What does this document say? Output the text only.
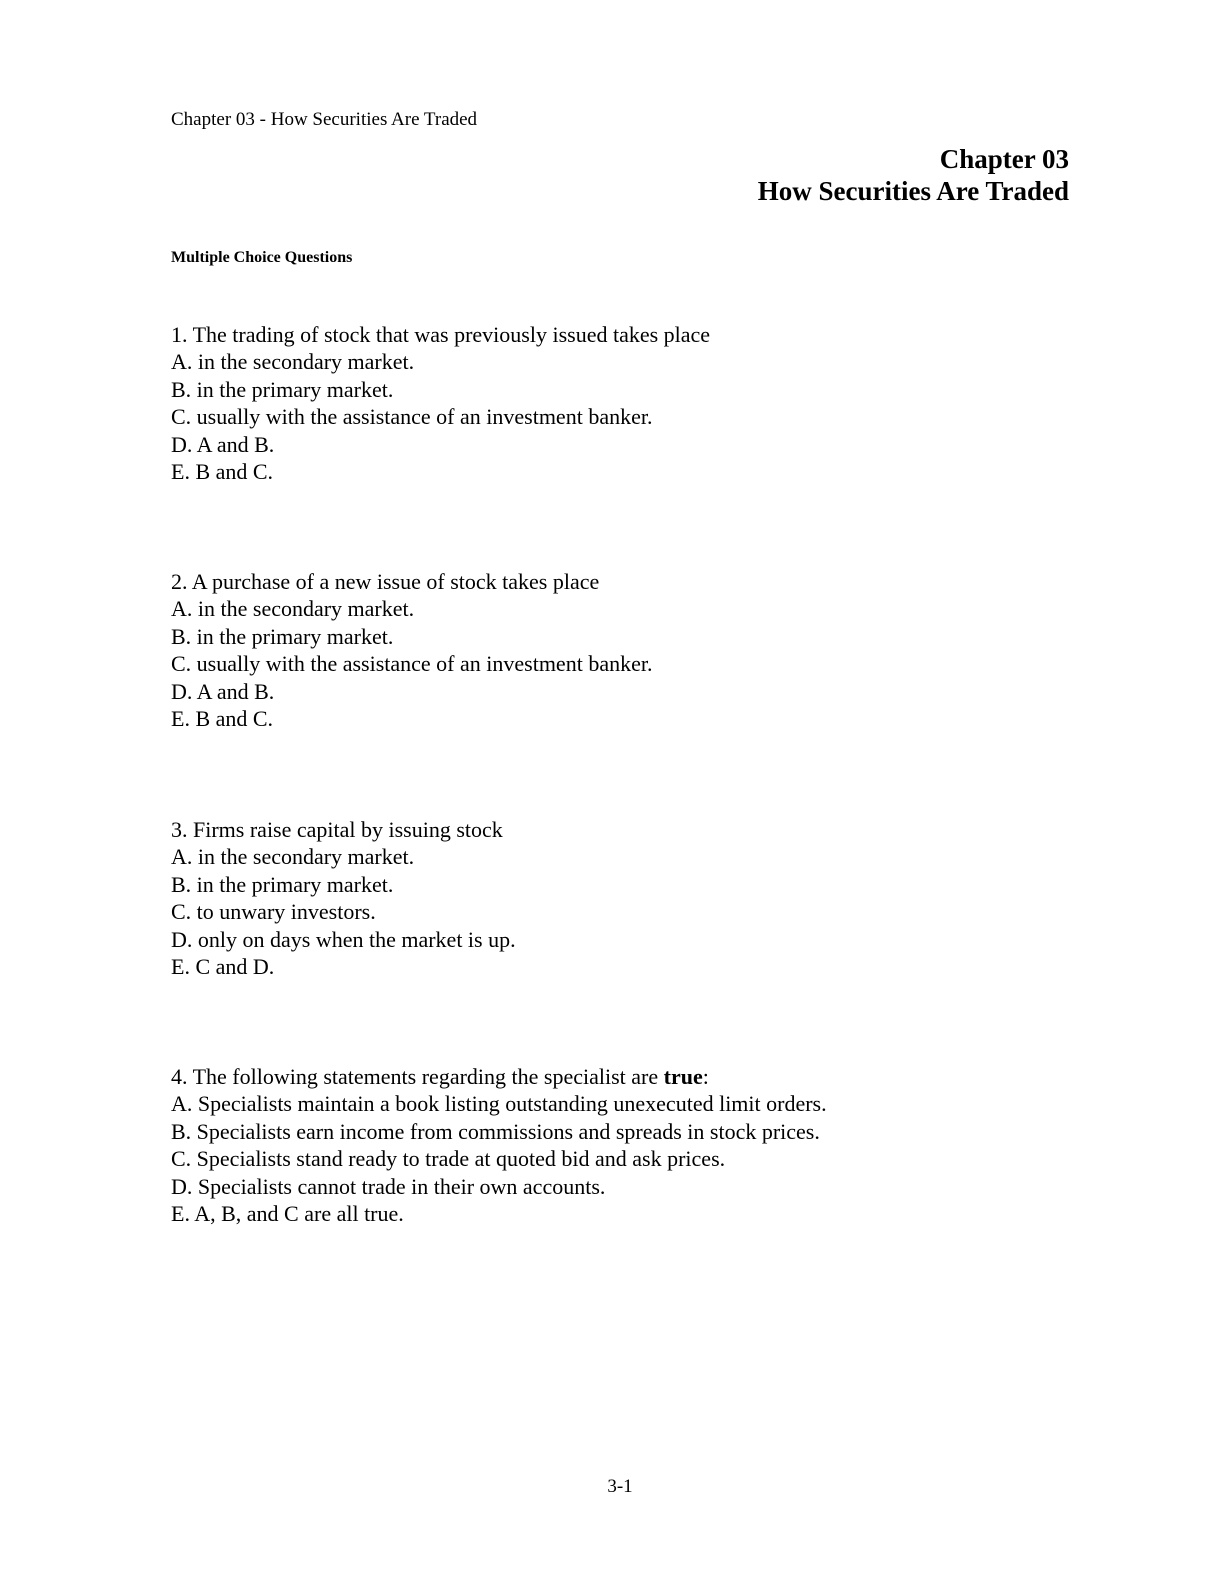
Chapter 03 - How Securities Are Traded
Chapter 03
How Securities Are Traded
Multiple Choice Questions
1. The trading of stock that was previously issued takes place
A. in the secondary market.
B. in the primary market.
C. usually with the assistance of an investment banker.
D. A and B.
E. B and C.
2. A purchase of a new issue of stock takes place
A. in the secondary market.
B. in the primary market.
C. usually with the assistance of an investment banker.
D. A and B.
E. B and C.
3. Firms raise capital by issuing stock
A. in the secondary market.
B. in the primary market.
C. to unwary investors.
D. only on days when the market is up.
E. C and D.
4. The following statements regarding the specialist are true:
A. Specialists maintain a book listing outstanding unexecuted limit orders.
B. Specialists earn income from commissions and spreads in stock prices.
C. Specialists stand ready to trade at quoted bid and ask prices.
D. Specialists cannot trade in their own accounts.
E. A, B, and C are all true.
3-1
